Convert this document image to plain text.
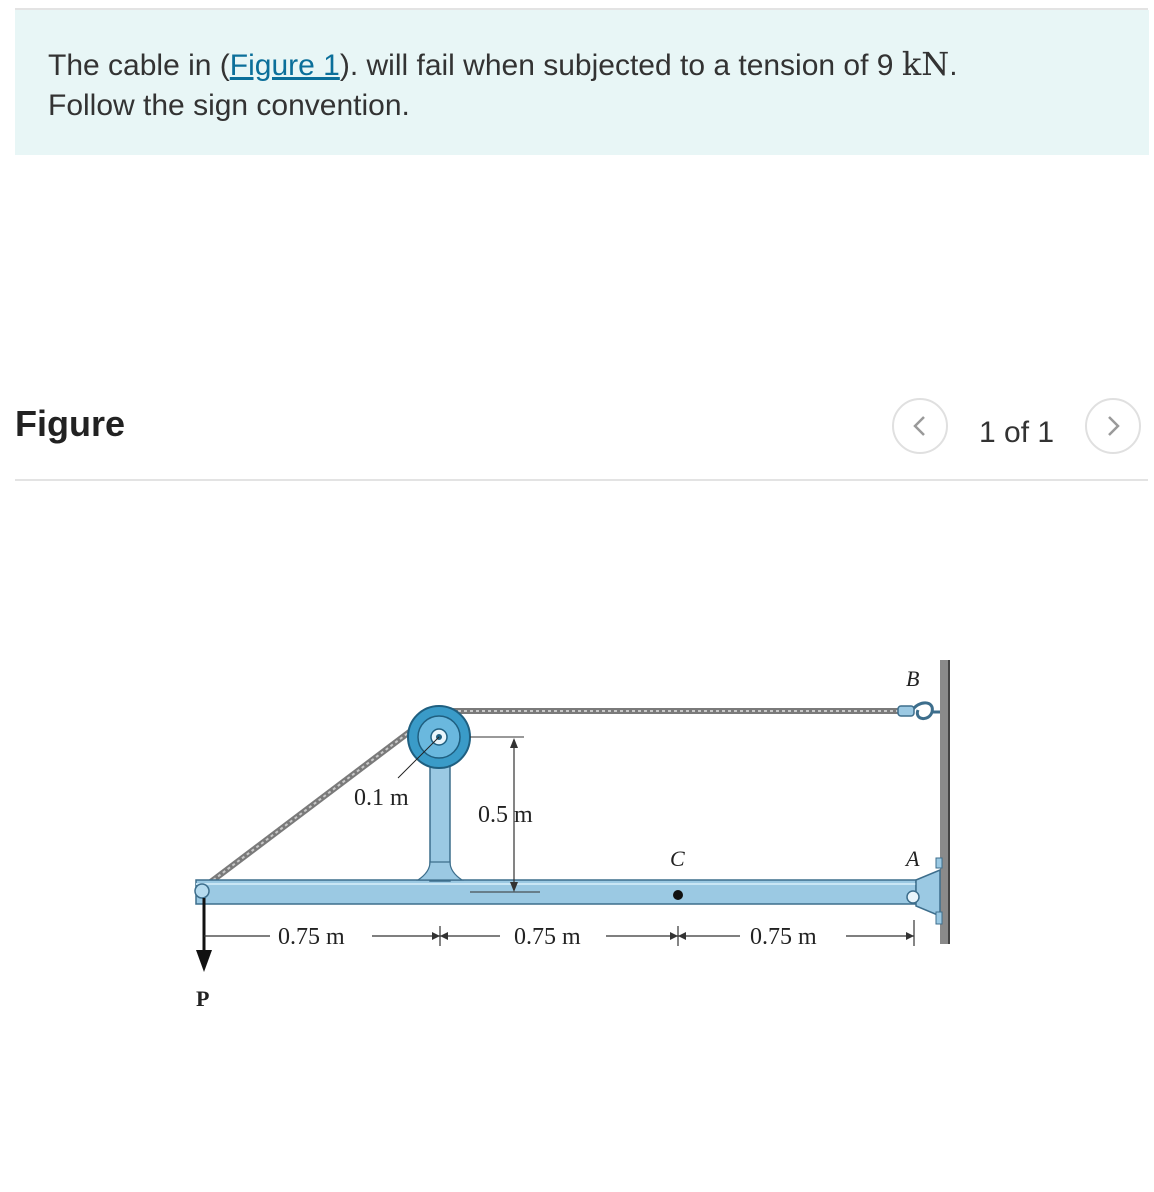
The cable in (Figure 1). will fail when subjected to a tension of 9 kN.
Follow the sign convention.
Figure	1 of 1
0.1 m
0.5 m
0.75 m	0.75 m	0.75 m
B
A
C
P
